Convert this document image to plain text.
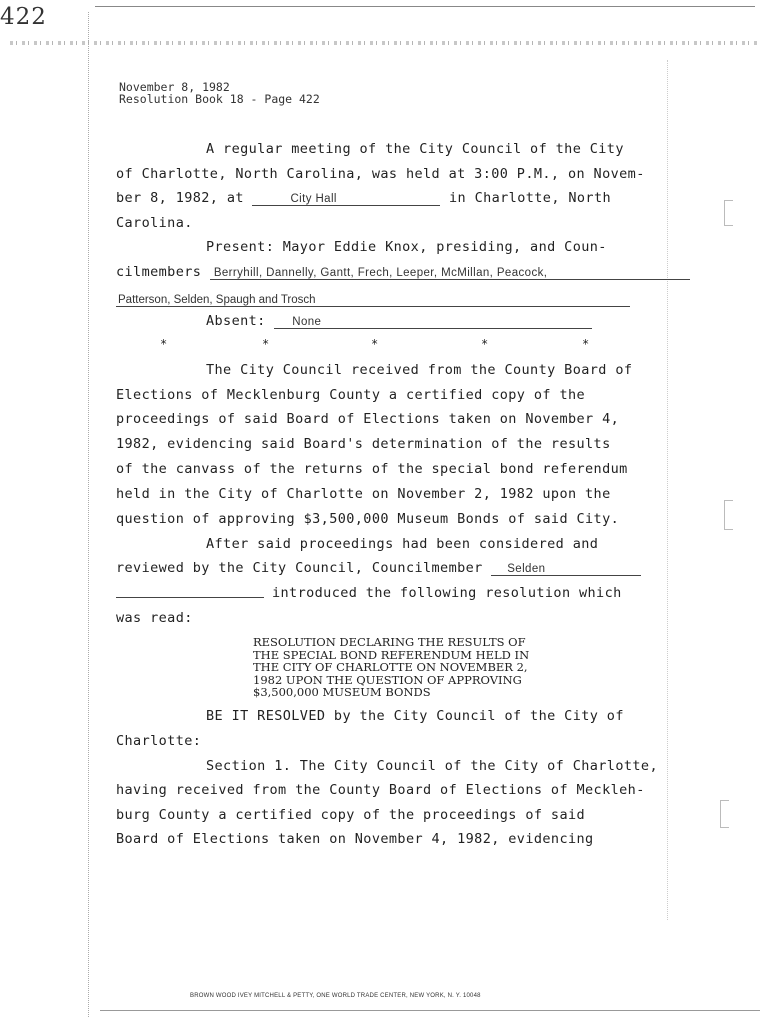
422
November 8, 1982
Resolution Book 18 - Page 422
A regular meeting of the City Council of the City
of Charlotte, North Carolina, was held at 3:00 P.M., on Novem-
ber 8, 1982, at	City Hall	in Charlotte, North
Carolina.
Present: Mayor Eddie Knox, presiding, and Coun-
cilmembers Berryhill, Dannelly, Gantt, Frech, Leeper, McMillan, Peacock,
Patterson, Selden, Spaugh and Trosch
Absent: None
*	*	*	*	*
The City Council received from the County Board of
Elections of Mecklenburg County a certified copy of the
proceedings of said Board of Elections taken on November 4,
1982, evidencing said Board's determination of the results
of the canvass of the returns of the special bond referendum
held in the City of Charlotte on November 2, 1982 upon the
question of approving $3,500,000 Museum Bonds of said City.
After said proceedings had been considered and
reviewed by the City Council, Councilmember Selden
introduced the following resolution which
was read:
RESOLUTION DECLARING THE RESULTS OF
THE SPECIAL BOND REFERENDUM HELD IN
THE CITY OF CHARLOTTE ON NOVEMBER 2,
1982 UPON THE QUESTION OF APPROVING
$3,500,000 MUSEUM BONDS
BE IT RESOLVED by the City Council of the City of
Charlotte:
Section 1. The City Council of the City of Charlotte,
having received from the County Board of Elections of Meckleh-
burg County a certified copy of the proceedings of said
Board of Elections taken on November 4, 1982, evidencing
BROWN WOOD IVEY MITCHELL & PETTY, ONE WORLD TRADE CENTER, NEW YORK, N. Y. 10048
